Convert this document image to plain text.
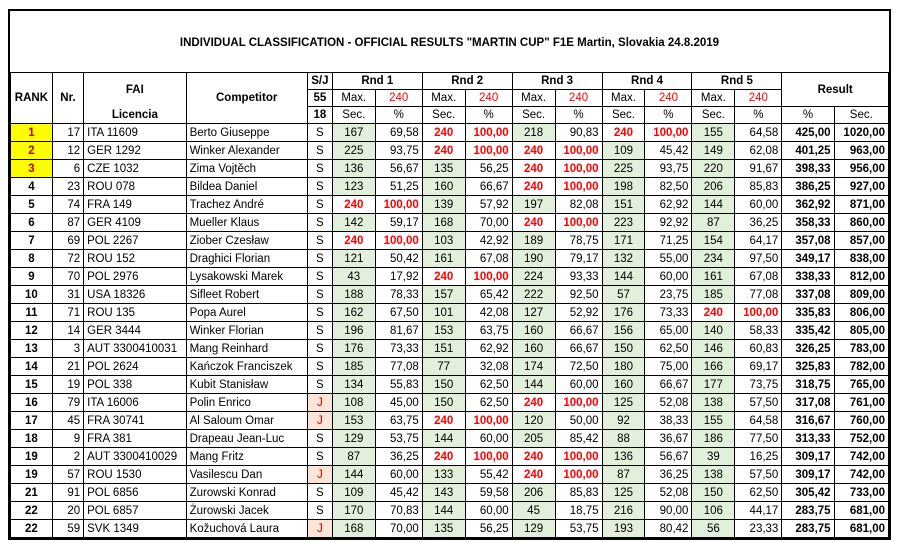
INDIVIDUAL CLASSIFICATION - OFFICIAL RESULTS "MARTIN CUP" F1E Martin, Slovakia 24.8.2019
RANK	Nr.	FAI	Competitor	S/J	Rnd 1		Rnd 2		Rnd 3		Rnd 4		Rnd 5		Result	
				55	Max.	240	Max.	240	Max.	240	Max.	240	Max.	240		
		Licencia		18	Sec.	%	Sec.	%	Sec.	%	Sec.	%	Sec.	%	%	Sec.
1	17	ITA 11609	Berto Giuseppe	S	167	69,58	240	100,00	218	90,83	240	100,00	155	64,58	425,00	1020,00
2	12	GER 1292	Winker Alexander	S	225	93,75	240	100,00	240	100,00	109	45,42	149	62,08	401,25	963,00
3	6	CZE 1032	Zima Vojtěch	S	136	56,67	135	56,25	240	100,00	225	93,75	220	91,67	398,33	956,00
4	23	ROU 078	Bildea Daniel	S	123	51,25	160	66,67	240	100,00	198	82,50	206	85,83	386,25	927,00
5	74	FRA 149	Trachez André	S	240	100,00	139	57,92	197	82,08	151	62,92	144	60,00	362,92	871,00
6	87	GER 4109	Mueller Klaus	S	142	59,17	168	70,00	240	100,00	223	92,92	87	36,25	358,33	860,00
7	69	POL 2267	Ziober Czesław	S	240	100,00	103	42,92	189	78,75	171	71,25	154	64,17	357,08	857,00
8	72	ROU 152	Draghici Florian	S	121	50,42	161	67,08	190	79,17	132	55,00	234	97,50	349,17	838,00
9	70	POL 2976	Lysakowski Marek	S	43	17,92	240	100,00	224	93,33	144	60,00	161	67,08	338,33	812,00
10	31	USA 18326	Sifleet Robert	S	188	78,33	157	65,42	222	92,50	57	23,75	185	77,08	337,08	809,00
11	71	ROU 135	Popa Aurel	S	162	67,50	101	42,08	127	52,92	176	73,33	240	100,00	335,83	806,00
12	14	GER 3444	Winker Florian	S	196	81,67	153	63,75	160	66,67	156	65,00	140	58,33	335,42	805,00
13	3	AUT 3300410031	Mang Reinhard	S	176	73,33	151	62,92	160	66,67	150	62,50	146	60,83	326,25	783,00
14	21	POL 2624	Kańczok Franciszek	S	185	77,08	77	32,08	174	72,50	180	75,00	166	69,17	325,83	782,00
15	19	POL 338	Kubit Stanisław	S	134	55,83	150	62,50	144	60,00	160	66,67	177	73,75	318,75	765,00
16	79	ITA 16006	Polin Enrico	J	108	45,00	150	62,50	240	100,00	125	52,08	138	57,50	317,08	761,00
17	45	FRA 30741	Al Saloum Omar	J	153	63,75	240	100,00	120	50,00	92	38,33	155	64,58	316,67	760,00
18	9	FRA 381	Drapeau Jean-Luc	S	129	53,75	144	60,00	205	85,42	88	36,67	186	77,50	313,33	752,00
19	2	AUT 3300410029	Mang Fritz	S	87	36,25	240	100,00	240	100,00	136	56,67	39	16,25	309,17	742,00
19	57	ROU 1530	Vasilescu Dan	J	144	60,00	133	55,42	240	100,00	87	36,25	138	57,50	309,17	742,00
21	91	POL 6856	Zurowski Konrad	S	109	45,42	143	59,58	206	85,83	125	52,08	150	62,50	305,42	733,00
22	20	POL 6857	Żurowski Jacek	S	170	70,83	144	60,00	45	18,75	216	90,00	106	44,17	283,75	681,00
22	59	SVK 1349	Kožuchová Laura	J	168	70,00	135	56,25	129	53,75	193	80,42	56	23,33	283,75	681,00
